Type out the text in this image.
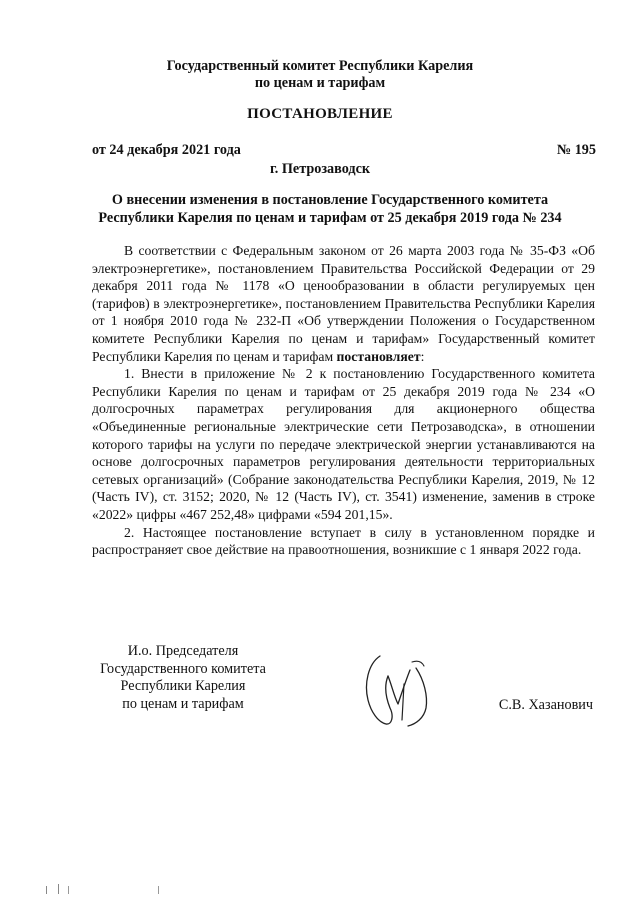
Государственный комитет Республики Карелия
по ценам и тарифам
ПОСТАНОВЛЕНИЕ
от 24 декабря 2021 года	№ 195
г. Петрозаводск
О внесении изменения в постановление Государственного комитета
Республики Карелия по ценам и тарифам от 25 декабря 2019 года № 234

В соответствии с Федеральным законом от 26 марта 2003 года № 35-ФЗ «Об электроэнергетике», постановлением Правительства Российской Федерации от 29 декабря 2011 года № 1178 «О ценообразовании в области регулируемых цен (тарифов) в электроэнергетике», постановлением Правительства Республики Карелия от 1 ноября 2010 года № 232-П «Об утверждении Положения о Государственном комитете Республики Карелия по ценам и тарифам» Государственный комитет Республики Карелия по ценам и тарифам постановляет:

1. Внести в приложение № 2 к постановлению Государственного комитета Республики Карелия по ценам и тарифам от 25 декабря 2019 года № 234 «О долгосрочных параметрах регулирования для акционерного общества «Объединенные региональные электрические сети Петрозаводска», в отношении которого тарифы на услуги по передаче электрической энергии устанавливаются на основе долгосрочных параметров регулирования деятельности территориальных сетевых организаций» (Собрание законодательства Республики Карелия, 2019, № 12 (Часть IV), ст. 3152; 2020, № 12 (Часть IV), ст. 3541) изменение, заменив в строке «2022» цифры «467 252,48» цифрами «594 201,15».

2. Настоящее постановление вступает в силу в установленном порядке и распространяет свое действие на правоотношения, возникшие с 1 января 2022 года.

И.о. Председателя
Государственного комитета
Республики Карелия
по ценам и тарифам	С.В. Хазанович
